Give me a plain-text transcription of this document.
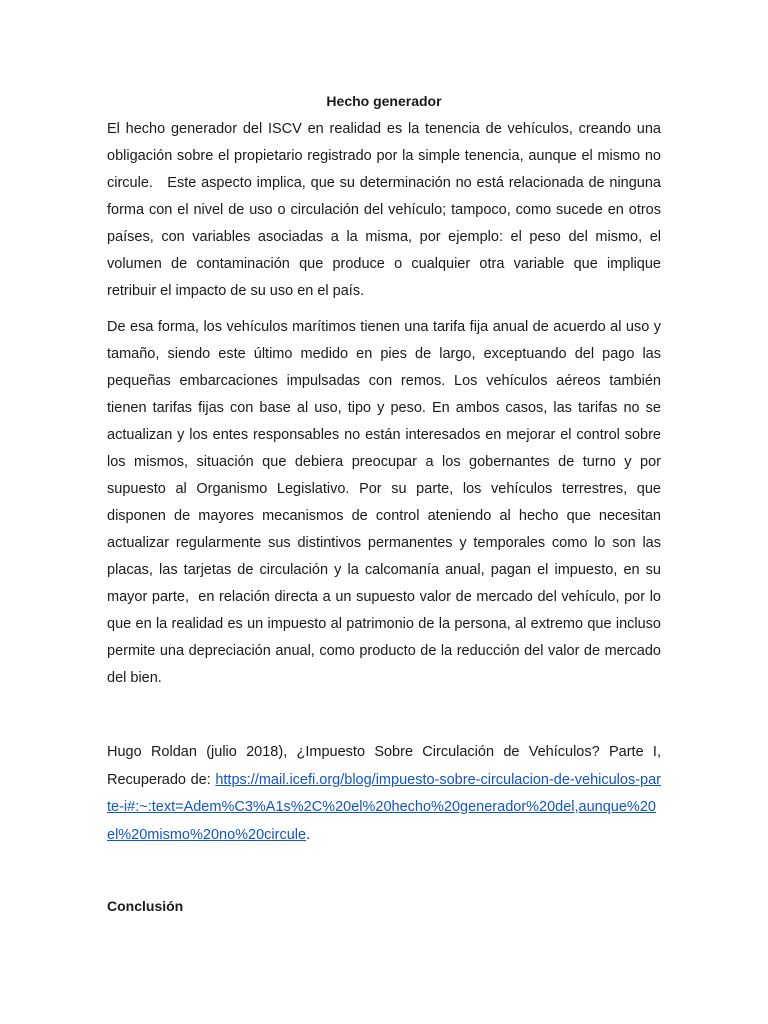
Hecho generador

El hecho generador del ISCV en realidad es la tenencia de vehículos, creando una obligación sobre el propietario registrado por la simple tenencia, aunque el mismo no circule.   Este aspecto implica, que su determinación no está relacionada de ninguna forma con el nivel de uso o circulación del vehículo; tampoco, como sucede en otros países, con variables asociadas a la misma, por ejemplo: el peso del mismo, el volumen de contaminación que produce o cualquier otra variable que implique retribuir el impacto de su uso en el país.

De esa forma, los vehículos marítimos tienen una tarifa fija anual de acuerdo al uso y tamaño, siendo este último medido en pies de largo, exceptuando del pago las pequeñas embarcaciones impulsadas con remos. Los vehículos aéreos también tienen tarifas fijas con base al uso, tipo y peso. En ambos casos, las tarifas no se actualizan y los entes responsables no están interesados en mejorar el control sobre los mismos, situación que debiera preocupar a los gobernantes de turno y por supuesto al Organismo Legislativo. Por su parte, los vehículos terrestres, que disponen de mayores mecanismos de control ateniendo al hecho que necesitan actualizar regularmente sus distintivos permanentes y temporales como lo son las placas, las tarjetas de circulación y la calcomanía anual, pagan el impuesto, en su mayor parte,  en relación directa a un supuesto valor de mercado del vehículo, por lo que en la realidad es un impuesto al patrimonio de la persona, al extremo que incluso permite una depreciación anual, como producto de la reducción del valor de mercado del bien.

Hugo Roldan (julio 2018), ¿Impuesto Sobre Circulación de Vehículos? Parte I, Recuperado de: https://mail.icefi.org/blog/impuesto-sobre-circulacion-de-vehiculos-parte-i#:~:text=Adem%C3%A1s%2C%20el%20hecho%20generador%20del,aunque%20el%20mismo%20no%20circule.

Conclusión
